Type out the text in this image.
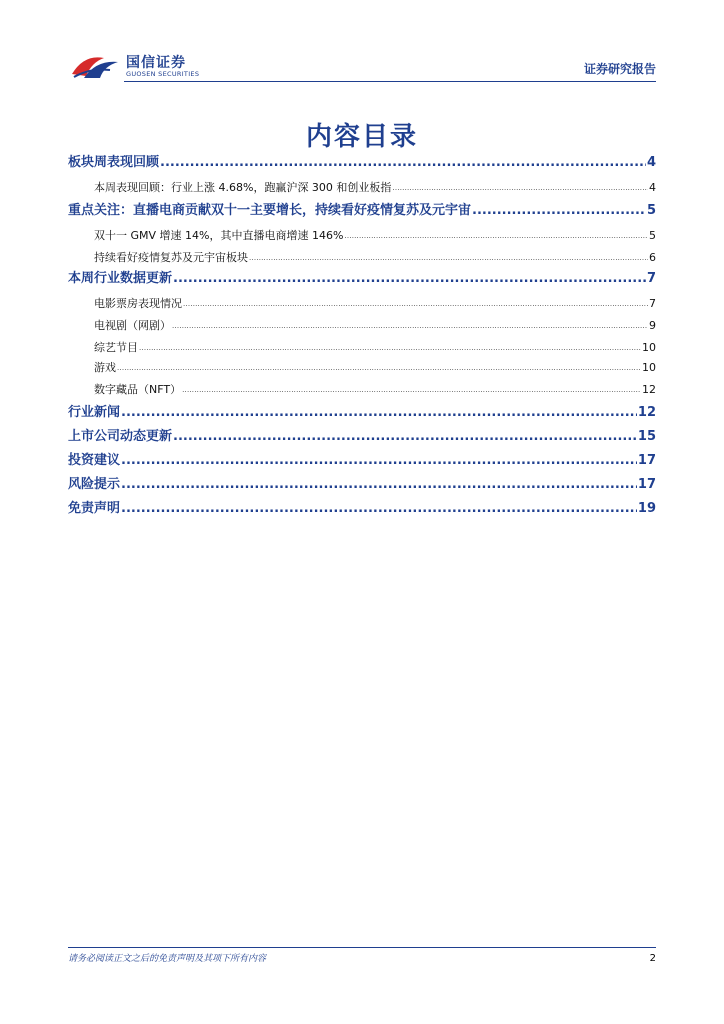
国信证券
GUOSEN SECURITIES	证券研究报告
内容目录
板块周表现回顾 .....	4
本周表现回顾：行业上涨 4.68%，跑赢沪深 300 和创业板指 .....	4
重点关注：直播电商贡献双十一主要增长，持续看好疫情复苏及元宇宙 .....	5
双十一 GMV 增速 14%，其中直播电商增速 146% .....	5
持续看好疫情复苏及元宇宙板块 .....	6
本周行业数据更新 .....	7
电影票房表现情况 .....	7
电视剧（网剧） .....	9
综艺节目 .....	10
游戏 .....	10
数字藏品（NFT） .....	12
行业新闻 .....	12
上市公司动态更新 .....	15
投资建议 .....	17
风险提示 .....	17
免责声明 .....	19
请务必阅读正文之后的免责声明及其项下所有内容	2
